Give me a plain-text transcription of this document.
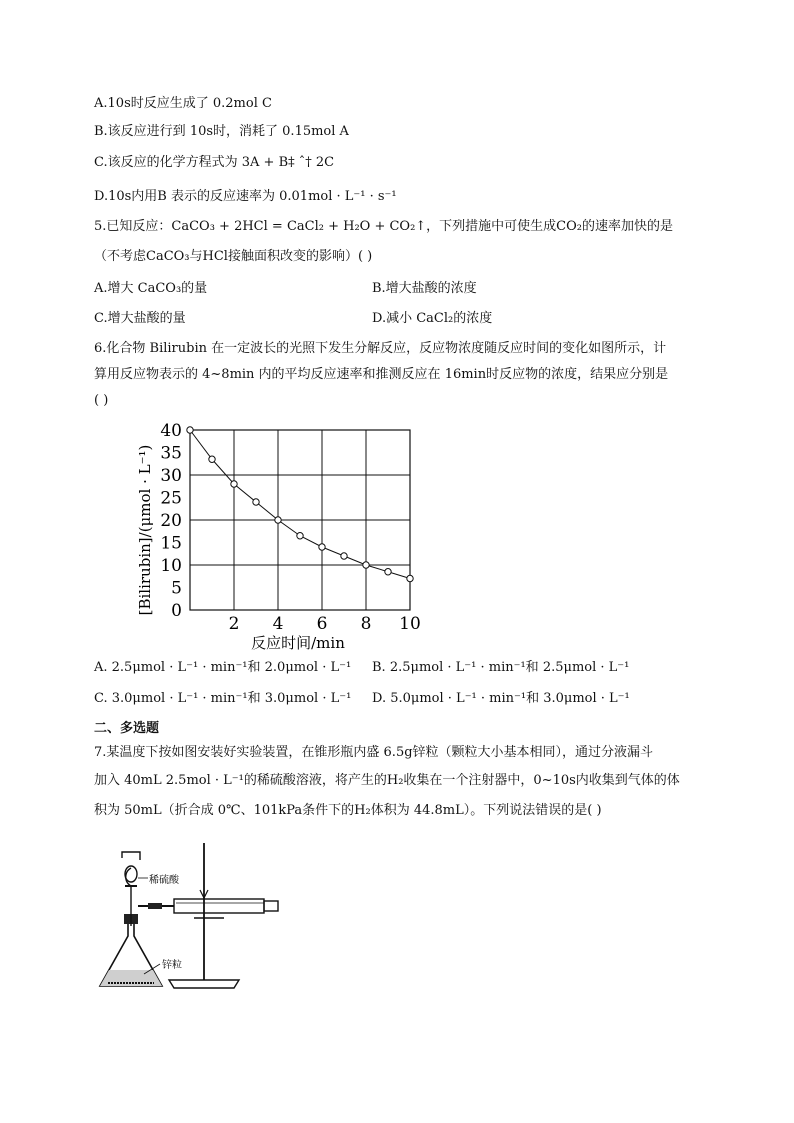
A.10s时反应生成了 0.2mol C
B.该反应进行到 10s时，消耗了 0.15mol A
C.该反应的化学方程式为 3A + B‡ ˆ† 2C
D.10s内用B 表示的反应速率为 0.01mol · L⁻¹ · s⁻¹
5.已知反应：CaCO₃ + 2HCl = CaCl₂ + H₂O + CO₂↑，下列措施中可使生成CO₂的速率加快的是
（不考虑CaCO₃与HCl接触面积改变的影响）( )
A.增大 CaCO₃的量	B.增大盐酸的浓度
C.增大盐酸的量	D.减小 CaCl₂的浓度
6.化合物 Bilirubin 在一定波长的光照下发生分解反应，反应物浓度随反应时间的变化如图所示，计
算用反应物表示的 4~8min 内的平均反应速率和推测反应在 16min时反应物的浓度，结果应分别是
( )
0
5
10
15
20
25
30
35
40
2 4 6 8 10
[Bilirubin]/(μmol · L⁻¹)
反应时间/min
A. 2.5μmol · L⁻¹ · min⁻¹和 2.0μmol · L⁻¹ B. 2.5μmol · L⁻¹ · min⁻¹和 2.5μmol · L⁻¹
C. 3.0μmol · L⁻¹ · min⁻¹和 3.0μmol · L⁻¹ D. 5.0μmol · L⁻¹ · min⁻¹和 3.0μmol · L⁻¹
二、多选题
7.某温度下按如图安装好实验装置，在锥形瓶内盛 6.5g锌粒（颗粒大小基本相同），通过分液漏斗
加入 40mL 2.5mol · L⁻¹的稀硫酸溶液，将产生的H₂收集在一个注射器中，0~10s内收集到气体的体
积为 50mL（折合成 0℃、101kPa条件下的H₂体积为 44.8mL）。下列说法错误的是( )
稀硫酸
锌粒
